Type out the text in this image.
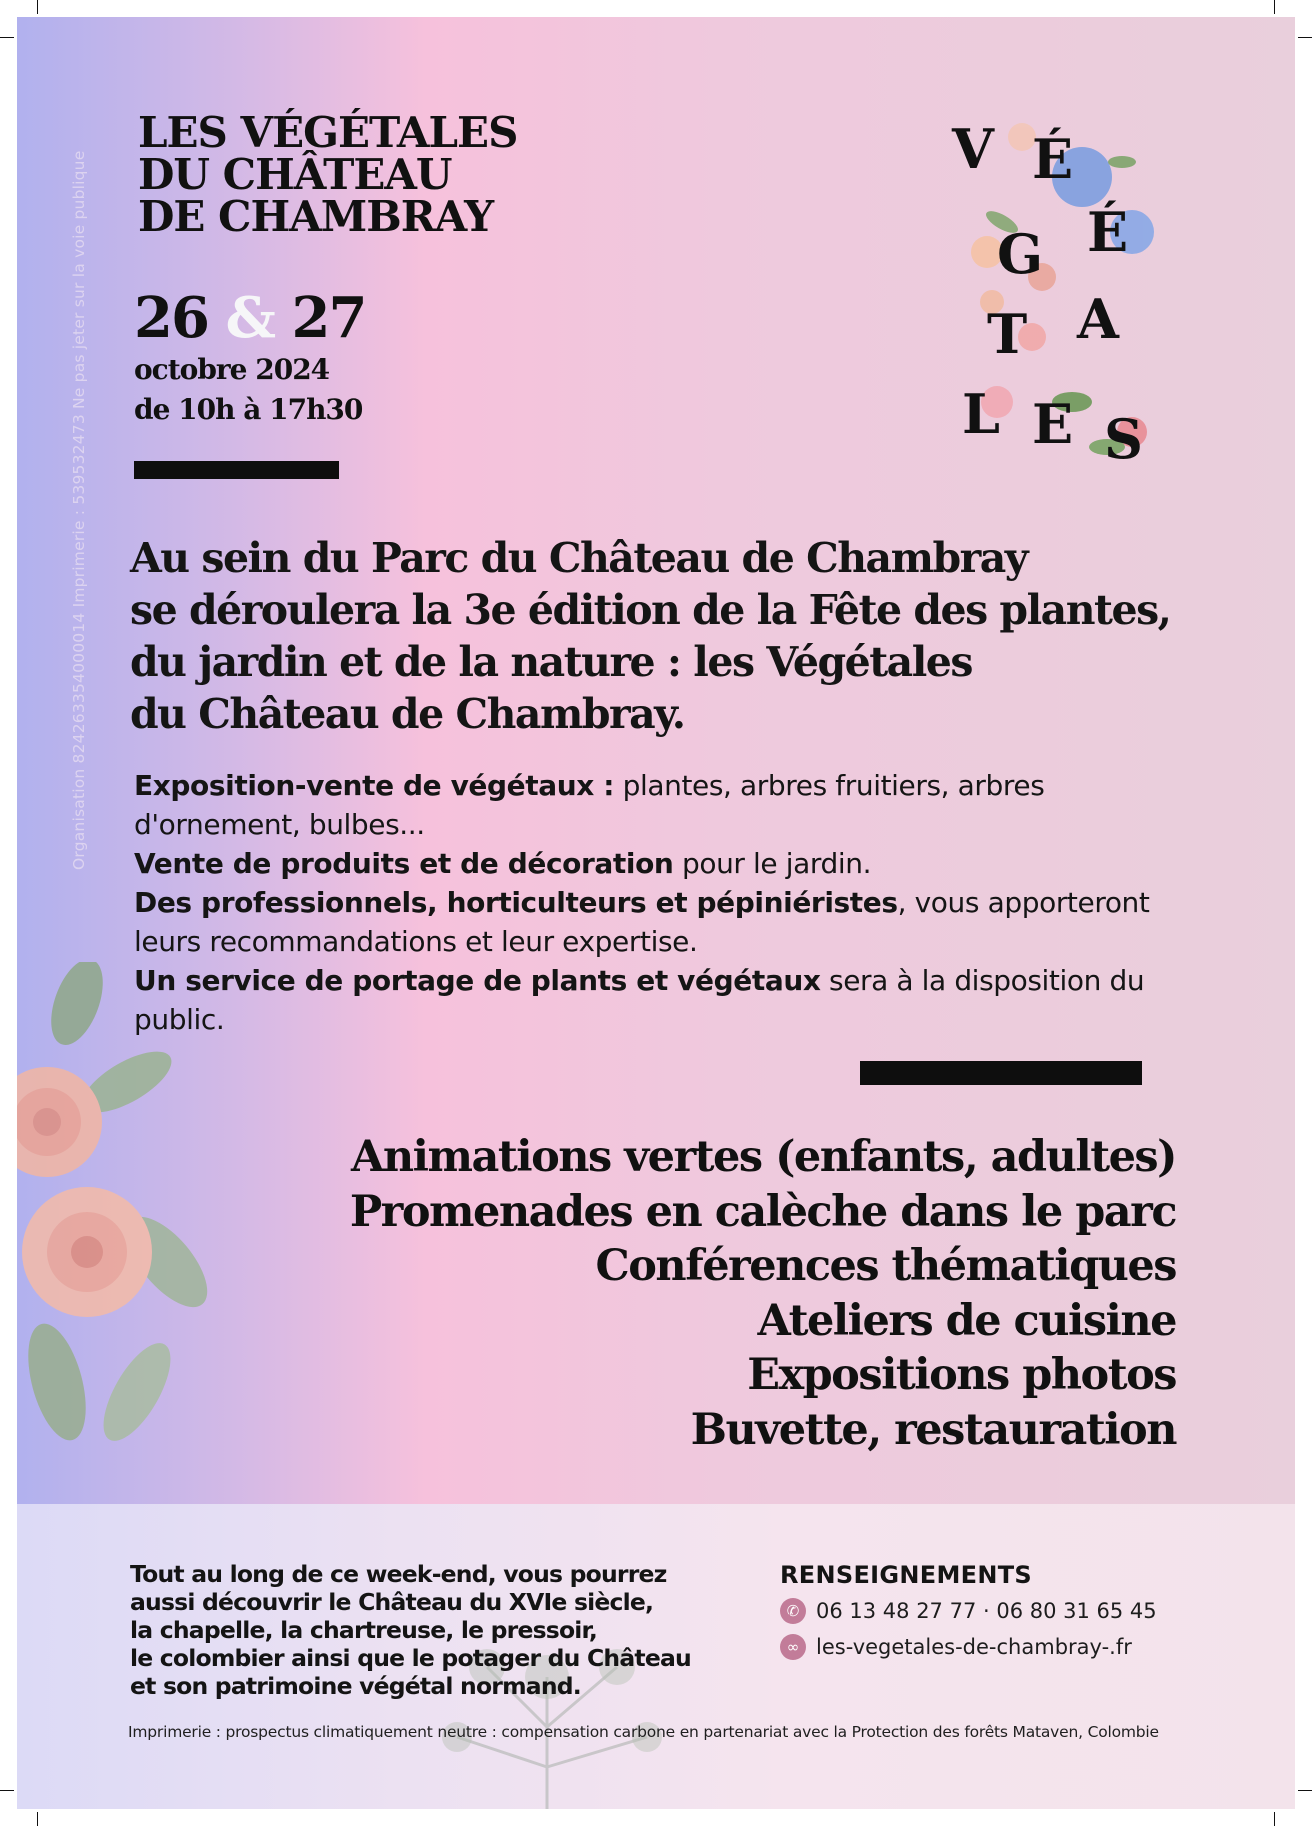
Organisation 824263354000014 Imprimerie : 539532473 Ne pas jeter sur la voie publique
LES VÉGÉTALES
DU CHÂTEAU
DE CHAMBRAY
26 & 27
octobre 2024
de 10h à 17h30
V É
G É
T A
L E S
Au sein du Parc du Château de Chambray
se déroulera la 3e édition de la Fête des plantes,
du jardin et de la nature : les Végétales
du Château de Chambray.

Exposition-vente de végétaux : plantes, arbres fruitiers, arbres d'ornement, bulbes...

Vente de produits et de décoration pour le jardin.

Des professionnels, horticulteurs et pépiniéristes, vous apporteront leurs recommandations et leur expertise.

Un service de portage de plants et végétaux sera à la disposition du public.

Animations vertes (enfants, adultes)
Promenades en calèche dans le parc
Conférences thématiques
Ateliers de cuisine
Expositions photos
Buvette, restauration
Tout au long de ce week-end, vous pourrez
aussi découvrir le Château du XVIe siècle,
la chapelle, la chartreuse, le pressoir,
le colombier ainsi que le potager du Château
et son patrimoine végétal normand.
RENSEIGNEMENTS
✆ 06 13 48 27 77 · 06 80 31 65 45
∞ les-vegetales-de-chambray-.fr
Imprimerie : prospectus climatiquement neutre : compensation carbone en partenariat avec la Protection des forêts Mataven, Colombie
